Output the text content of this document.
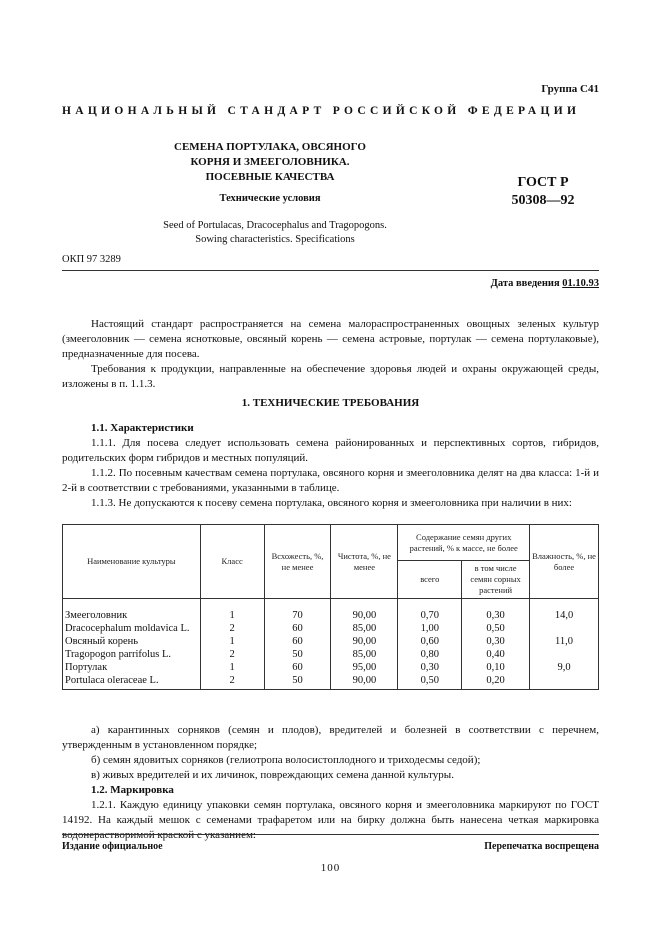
Группа С41
НАЦИОНАЛЬНЫЙ СТАНДАРТ РОССИЙСКОЙ ФЕДЕРАЦИИ
СЕМЕНА ПОРТУЛАКА, ОВСЯНОГО
КОРНЯ И ЗМЕЕГОЛОВНИКА.
ПОСЕВНЫЕ КАЧЕСТВА
Технические условия
ГОСТ Р
50308—92
Seed of Portulacas, Dracocephalus and Tragopogons.
Sowing characteristics. Specifications
ОКП 97 3289
Дата введения 01.10.93

Настоящий стандарт распространяется на семена малораспространенных овощных зеленых культур (змееголовник — семена яснотковые, овсяный корень — семена астровые, портулак — семена портулаковые), предназначенные для посева.

Требования к продукции, направленные на обеспечение здоровья людей и охраны окружающей среды, изложены в п. 1.1.3.

1. ТЕХНИЧЕСКИЕ ТРЕБОВАНИЯ

1.1. Характеристики

1.1.1. Для посева следует использовать семена районированных и перспективных сортов, гибридов, родительских форм гибридов и местных популяций.

1.1.2. По посевным качествам семена портулака, овсяного корня и змееголовника делят на два класса: 1-й и 2-й в соответствии с требованиями, указанными в таблице.

1.1.3. Не допускаются к посеву семена портулака, овсяного корня и змееголовника при наличии в них:

Наименование культуры	Класс	Всхожесть, %, не менее	Чистота, %, не менее	Содержание семян других растений, % к массе, не более		Влажность, %, не более
				всего	в том числе семян сорных растений	

Змееголовник	1	70	90,00	0,70	0,30	14,0
Dracocephalum moldavica L.	2	60	85,00	1,00	0,50	
Овсяный корень	1	60	90,00	0,60	0,30	11,0
Tragopogon parrifolus L.	2	50	85,00	0,80	0,40	
Портулак	1	60	95,00	0,30	0,10	9,0
Portulaca oleraceae L.	2	50	90,00	0,50	0,20	

а) карантинных сорняков (семян и плодов), вредителей и болезней в соответствии с перечнем, утвержденным в установленном порядке;

б) семян ядовитых сорняков (гелиотропа волосистоплодного и триходесмы седой);

в) живых вредителей и их личинок, повреждающих семена данной культуры.

1.2. Маркировка

1.2.1. Каждую единицу упаковки семян портулака, овсяного корня и змееголовника маркируют по ГОСТ 14192. На каждый мешок с семенами трафаретом или на бирку должна быть нанесена четкая маркировка водонерастворимой краской с указанием:

Издание официальное	Перепечатка воспрещена
100
